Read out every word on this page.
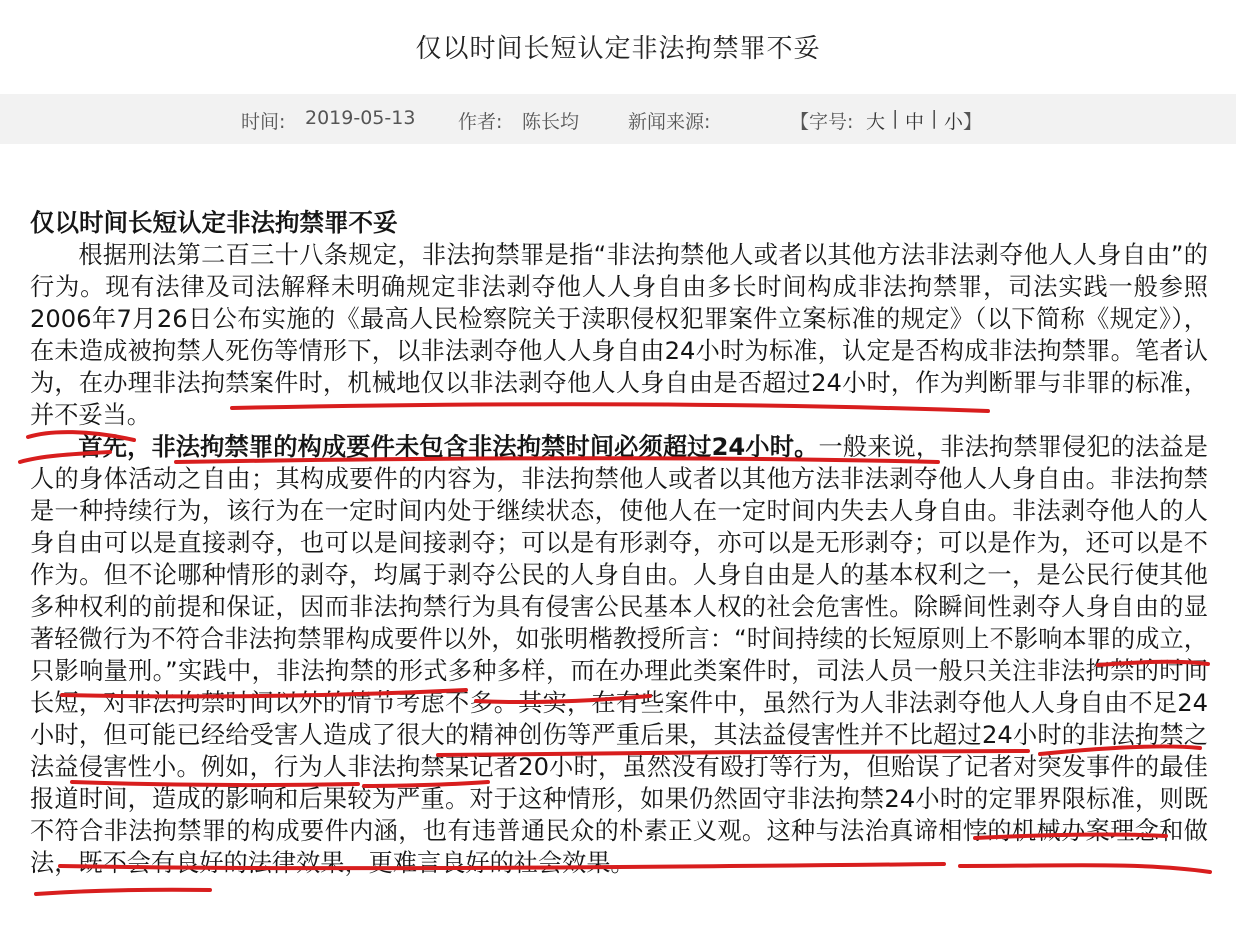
仅以时间长短认定非法拘禁罪不妥
时间: 2019-05-13 作者: 陈长均	新闻来源:	【字号: 大 | 中 | 小 】
仅以时间长短认定非法拘禁罪不妥

根据刑法第二百三十八条规定，非法拘禁罪是指“非法拘禁他人或者以其他方法非法剥夺他人人身自由”的行为。现有法律及司法解释未明确规定非法剥夺他人人身自由多长时间构成非法拘禁罪，司法实践一般参照2006年7月26日公布实施的《最高人民检察院关于渎职侵权犯罪案件立案标准的规定》（以下简称《规定》），在未造成被拘禁人死伤等情形下，以非法剥夺他人人身自由24小时为标准，认定是否构成非法拘禁罪。笔者认为，在办理非法拘禁案件时，机械地仅以非法剥夺他人人身自由是否超过24小时，作为判断罪与非罪的标准，并不妥当。

首先，非法拘禁罪的构成要件未包含非法拘禁时间必须超过24小时。一般来说，非法拘禁罪侵犯的法益是人的身体活动之自由；其构成要件的内容为，非法拘禁他人或者以其他方法非法剥夺他人人身自由。非法拘禁是一种持续行为，该行为在一定时间内处于继续状态，使他人在一定时间内失去人身自由。非法剥夺他人的人身自由可以是直接剥夺，也可以是间接剥夺；可以是有形剥夺，亦可以是无形剥夺；可以是作为，还可以是不作为。但不论哪种情形的剥夺，均属于剥夺公民的人身自由。人身自由是人的基本权利之一，是公民行使其他多种权利的前提和保证，因而非法拘禁行为具有侵害公民基本人权的社会危害性。除瞬间性剥夺人身自由的显著轻微行为不符合非法拘禁罪构成要件以外，如张明楷教授所言：“时间持续的长短原则上不影响本罪的成立，只影响量刑。”实践中，非法拘禁的形式多种多样，而在办理此类案件时，司法人员一般只关注非法拘禁的时间长短，对非法拘禁时间以外的情节考虑不多。其实，在有些案件中，虽然行为人非法剥夺他人人身自由不足24小时，但可能已经给受害人造成了很大的精神创伤等严重后果，其法益侵害性并不比超过24小时的非法拘禁之法益侵害性小。例如，行为人非法拘禁某记者20小时，虽然没有殴打等行为，但贻误了记者对突发事件的最佳报道时间，造成的影响和后果较为严重。对于这种情形，如果仍然固守非法拘禁24小时的定罪界限标准，则既不符合非法拘禁罪的构成要件内涵，也有违普通民众的朴素正义观。这种与法治真谛相悖的机械办案理念和做法，既不会有良好的法律效果，更难言良好的社会效果。
